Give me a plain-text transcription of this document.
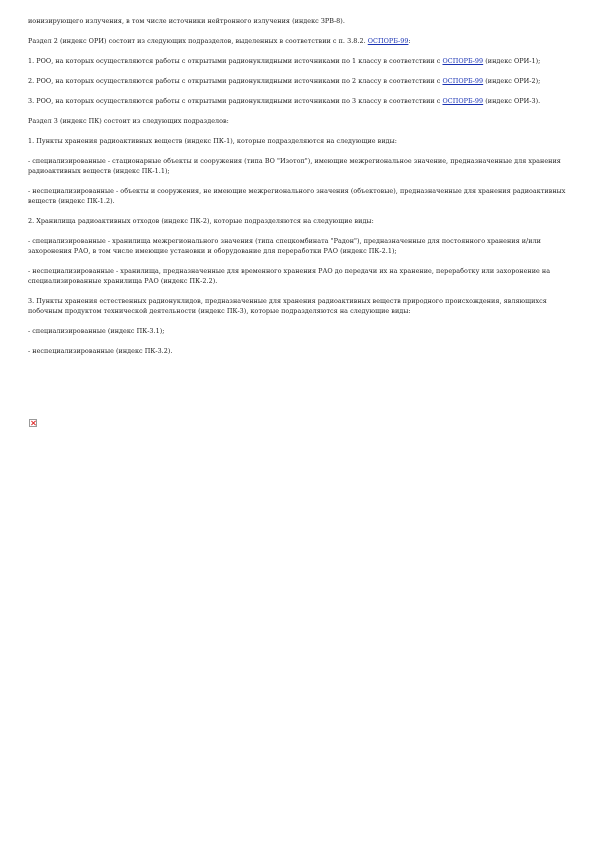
ионизирующего излучения, в том числе источники нейтронного излучения (индекс ЗРВ-8).

Раздел 2 (индекс ОРИ) состоит из следующих подразделов, выделенных в соответствии с п. 3.8.2. ОСПОРБ-99:

1. РОО, на которых осуществляются работы с открытыми радионуклидными источниками по 1 классу в соответствии с ОСПОРБ-99 (индекс ОРИ-1);

2. РОО, на которых осуществляются работы с открытыми радионуклидными источниками по 2 классу в соответствии с ОСПОРБ-99 (индекс ОРИ-2);

3. РОО, на которых осуществляются работы с открытыми радионуклидными источниками по 3 классу в соответствии с ОСПОРБ-99 (индекс ОРИ-3).

Раздел 3 (индекс ПК) состоит из следующих подразделов:

1. Пункты хранения радиоактивных веществ (индекс ПК-1), которые подразделяются на следующие виды:

- специализированные - стационарные объекты и сооружения (типа ВО "Изотоп"), имеющие межрегиональное значение, предназначенные для хранения радиоактивных веществ (индекс ПК-1.1);

- неспециализированные - объекты и сооружения, не имеющие межрегионального значения (объектовые), предназначенные для хранения радиоактивных веществ (индекс ПК-1.2).

2. Хранилища радиоактивных отходов (индекс ПК-2), которые подразделяются на следующие виды:

- специализированные - хранилища межрегионального значения (типа спецкомбината "Радон"), предназначенные для постоянного хранения и/или захоронения РАО, в том числе имеющие установки и оборудование для переработки РАО (индекс ПК-2.1);

- неспециализированные - хранилища, предназначенные для временного хранения РАО до передачи их на хранение, переработку или захоронение на специализированные хранилища РАО (индекс ПК-2.2).

3. Пункты хранения естественных радионуклидов, предназначенные для хранения радиоактивных веществ природного происхождения, являющихся побочным продуктом технической деятельности (индекс ПК-3), которые подразделяются на следующие виды:

- специализированные (индекс ПК-3.1);

- неспециализированные (индекс ПК-3.2).
